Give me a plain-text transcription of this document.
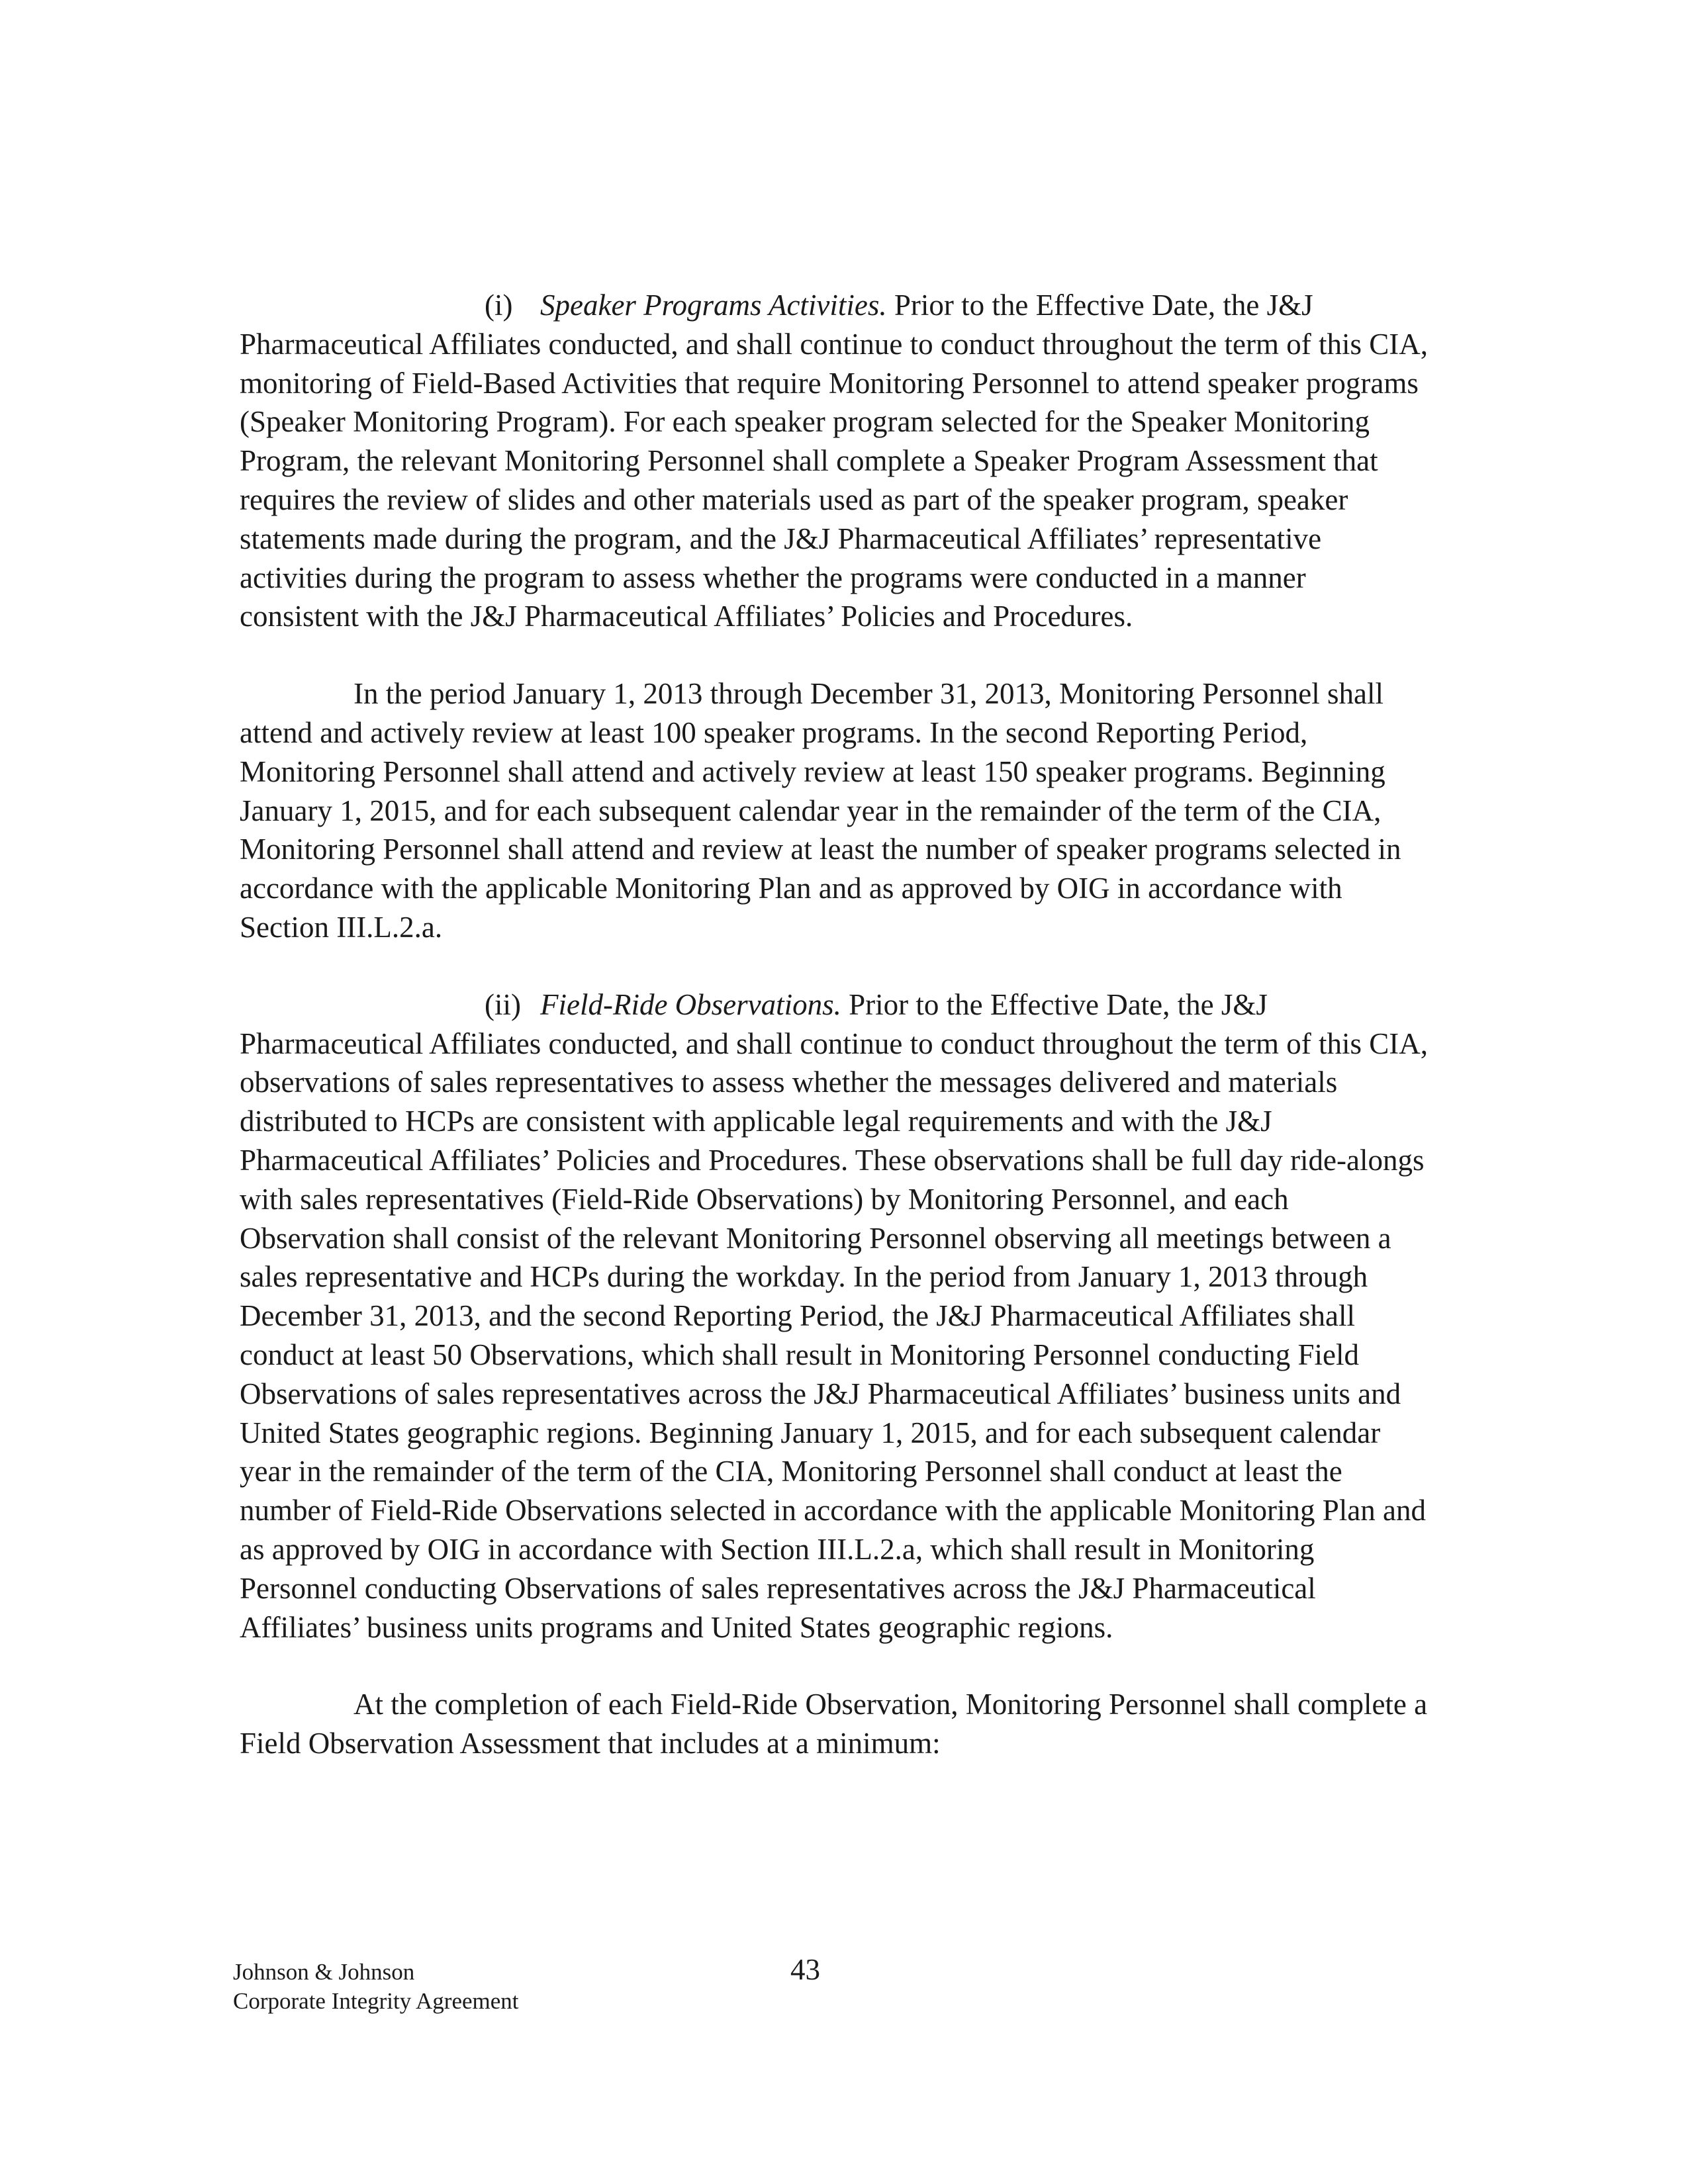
(i) Speaker Programs Activities. Prior to the Effective Date, the J&J Pharmaceutical Affiliates conducted, and shall continue to conduct throughout the term of this CIA, monitoring of Field-Based Activities that require Monitoring Personnel to attend speaker programs (Speaker Monitoring Program). For each speaker program selected for the Speaker Monitoring Program, the relevant Monitoring Personnel shall complete a Speaker Program Assessment that requires the review of slides and other materials used as part of the speaker program, speaker statements made during the program, and the J&J Pharmaceutical Affiliates’ representative activities during the program to assess whether the programs were conducted in a manner consistent with the J&J Pharmaceutical Affiliates’ Policies and Procedures.

In the period January 1, 2013 through December 31, 2013, Monitoring Personnel shall attend and actively review at least 100 speaker programs. In the second Reporting Period, Monitoring Personnel shall attend and actively review at least 150 speaker programs. Beginning January 1, 2015, and for each subsequent calendar year in the remainder of the term of the CIA, Monitoring Personnel shall attend and review at least the number of speaker programs selected in accordance with the applicable Monitoring Plan and as approved by OIG in accordance with Section III.L.2.a.

(ii) Field-Ride Observations. Prior to the Effective Date, the J&J Pharmaceutical Affiliates conducted, and shall continue to conduct throughout the term of this CIA, observations of sales representatives to assess whether the messages delivered and materials distributed to HCPs are consistent with applicable legal requirements and with the J&J Pharmaceutical Affiliates’ Policies and Procedures. These observations shall be full day ride-alongs with sales representatives (Field-Ride Observations) by Monitoring Personnel, and each Observation shall consist of the relevant Monitoring Personnel observing all meetings between a sales representative and HCPs during the workday. In the period from January 1, 2013 through December 31, 2013, and the second Reporting Period, the J&J Pharmaceutical Affiliates shall conduct at least 50 Observations, which shall result in Monitoring Personnel conducting Field Observations of sales representatives across the J&J Pharmaceutical Affiliates’ business units and United States geographic regions. Beginning January 1, 2015, and for each subsequent calendar year in the remainder of the term of the CIA, Monitoring Personnel shall conduct at least the number of Field-Ride Observations selected in accordance with the applicable Monitoring Plan and as approved by OIG in accordance with Section III.L.2.a, which shall result in Monitoring Personnel conducting Observations of sales representatives across the J&J Pharmaceutical Affiliates’ business units programs and United States geographic regions.

At the completion of each Field-Ride Observation, Monitoring Personnel shall complete a Field Observation Assessment that includes at a minimum:

Johnson & Johnson
Corporate Integrity Agreement
43
